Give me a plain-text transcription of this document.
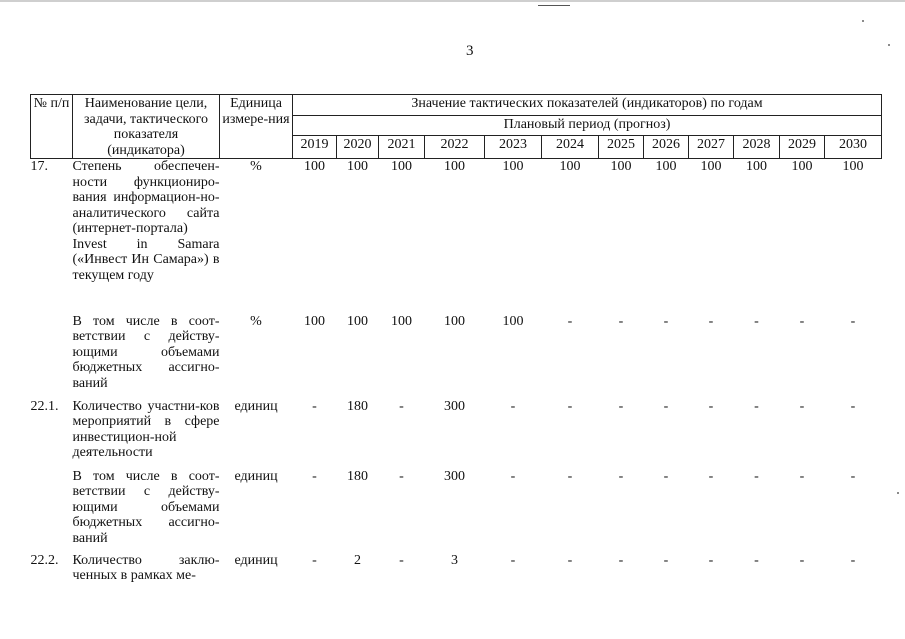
3
№ п/п	Наименование цели, задачи, тактического показателя (индикатора)	Единица измере-ния	Значение тактических показателей (индикаторов) по годам											
			Плановый период (прогноз)											
			2019	2020	2021	2022	2023	2024	2025	2026	2027	2028	2029	2030
17.	Степень обеспечен-ности функциониро-вания информацион-но-аналитического сайта (интернет-портала) Invest in Samara («Инвест Ин Самара») в текущем году	%	100	100	100	100	100	100	100	100	100	100	100	100
	В том числе в соот-ветствии с действу-ющими объемами бюджетных ассигно-ваний	%	100	100	100	100	100	-	-	-	-	-	-	-
22.1.	Количество участни-ков мероприятий в сфере инвестицион-ной деятельности	единиц	-	180	-	300	-	-	-	-	-	-	-	-
	В том числе в соот-ветствии с действу-ющими объемами бюджетных ассигно-ваний	единиц	-	180	-	300	-	-	-	-	-	-	-	-
22.2.	Количество заклю-ченных в рамках ме-	единиц	-	2	-	3	-	-	-	-	-	-	-	-
